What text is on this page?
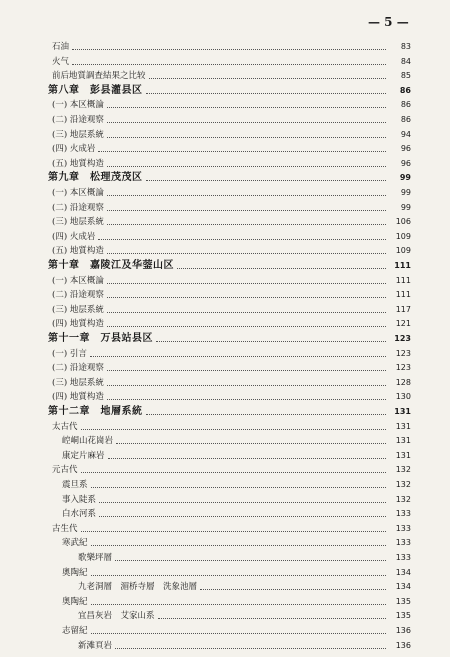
— 5 —
石油	83
火气	84
前后地質調査結果之比较	85
第八章　彭县灌县区	86
(一) 本区概論	86
(二) 沿途观察	86
(三) 地层系統	94
(四) 火成岩	96
(五) 地質构造	96
第九章　松理茂茂区	99
(一) 本区概論	99
(二) 沿途观察	99
(三) 地层系統	106
(四) 火成岩	109
(五) 地質构造	109
第十章　嘉陵江及华蓥山区	111
(一) 本区概論	111
(二) 沿途观察	111
(三) 地层系統	117
(四) 地質构造	121
第十一章　万县站县区	123
(一) 引言	123
(二) 沿途观察	123
(三) 地层系統	128
(四) 地質构造	130
第十二章　地層系統	131
太古代	131
崆峒山花崗岩	131
康定片麻岩	131
元古代	132
震旦系	132
事入陡系	132
白水河系	133
古生代	133
寒武紀	133
歌樂坪層	133
奧陶紀	134
九老洞層　湄桥寺層　洗象池層	134
奥陶紀	135
宜昌灰岩　艾家山系	135
志留紀	136
新滩頁岩	136
